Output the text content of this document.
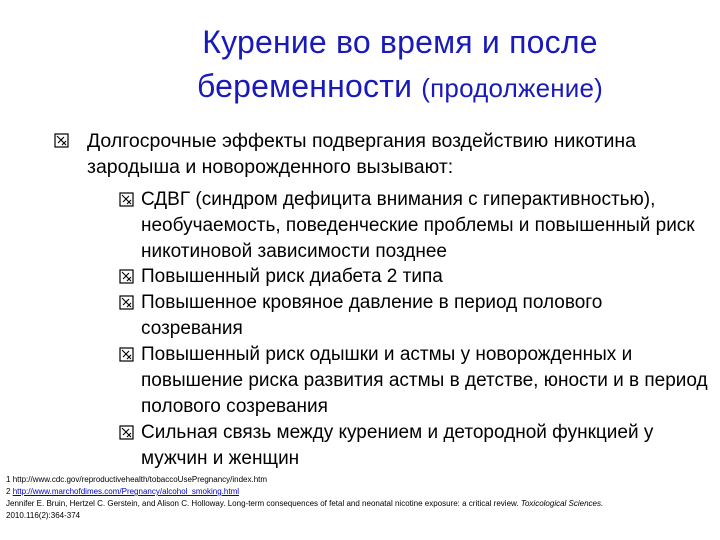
Курение во время и после
беременности (продолжение)
Долгосрочные эффекты подвергания воздействию никотина зародыша и новорожденного вызывают:
СДВГ (синдром дефицита внимания с гиперактивностью), необучаемость, поведенческие проблемы и повышенный риск никотиновой зависимости позднее
Повышенный риск диабета 2 типа
Повышенное кровяное давление в период полового созревания
Повышенный риск одышки и астмы у новорожденных и повышение риска развития астмы в детстве, юности и в период полового созревания
Сильная связь между курением и детородной функцией у мужчин и женщин
1 http://www.cdc.gov/reproductivehealth/tobaccoUsePregnancy/index.htm
2 http://www.marchofdimes.com/Pregnancy/alcohol_smoking.html
Jennifer E. Bruin, Hertzel C. Gerstein, and Alison C. Holloway. Long-term consequences of fetal and neonatal nicotine exposure: a critical review. Toxicological Sciences. 2010.116(2):364-374
